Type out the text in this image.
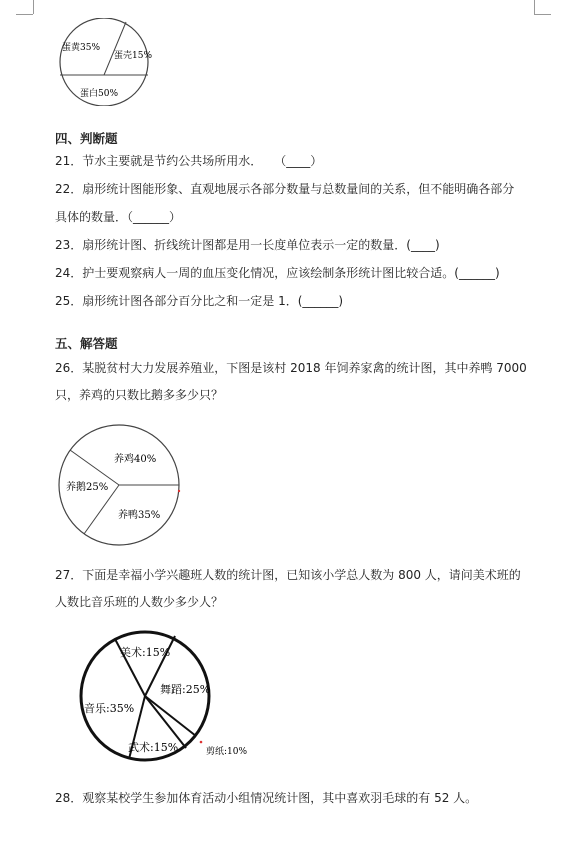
蛋黄35%
蛋壳15%
蛋白50%
四、判断题
21．节水主要就是节约公共场所用水．　　（____）
22．扇形统计图能形象、直观地展示各部分数量与总数量间的关系，但不能明确各部分
具体的数量．（______）
23．扇形统计图、折线统计图都是用一长度单位表示一定的数量．(____)
24．护士要观察病人一周的血压变化情况，应该绘制条形统计图比较合适。(______)
25．扇形统计图各部分百分比之和一定是 1．(______)
五、解答题
26．某脱贫村大力发展养殖业，下图是该村 2018 年饲养家禽的统计图，其中养鸭 7000
只，养鸡的只数比鹅多多少只？
养鸡40%
养鹅25%
养鸭35%
27．下面是幸福小学兴趣班人数的统计图，已知该小学总人数为 800 人，请问美术班的
人数比音乐班的人数少多少人？
美术:15%
舞蹈:25%
音乐:35%
武术:15%	剪纸:10%
28．观察某校学生参加体育活动小组情况统计图，其中喜欢羽毛球的有 52 人。
